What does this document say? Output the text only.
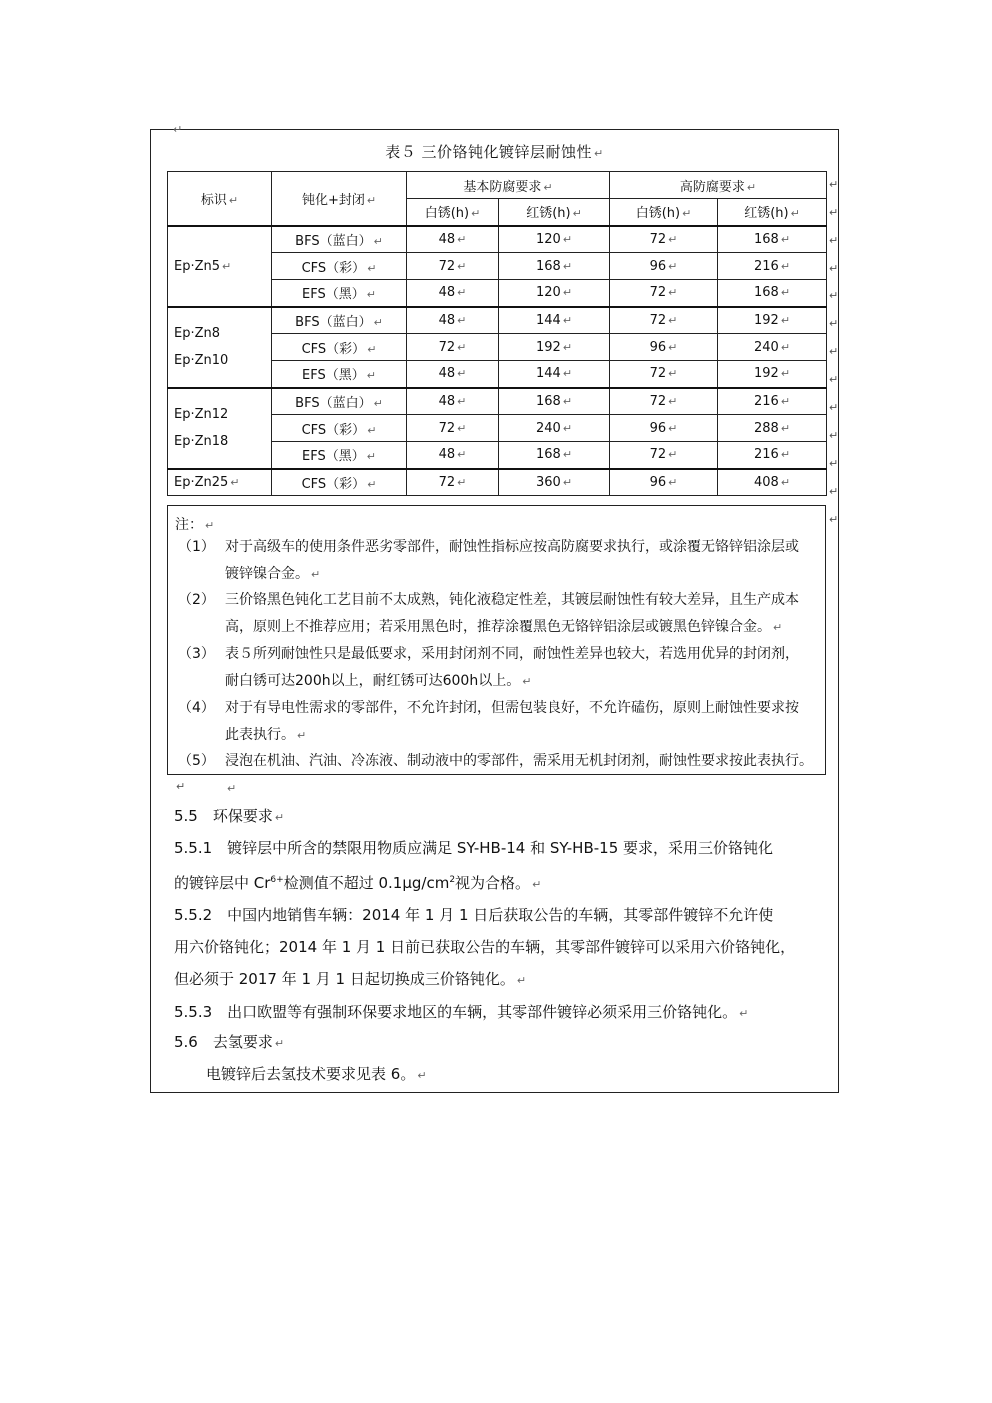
↵
表５ 三价铬钝化镀锌层耐蚀性 ↵
标识 ↵	钝化+封闭 ↵	基本防腐要求 ↵		高防腐要求 ↵	
		白锈(h) ↵	红锈(h) ↵	白锈(h) ↵	红锈(h) ↵
Ep·Zn5 ↵	BFS（蓝白） ↵	48 ↵	120 ↵	72 ↵	168 ↵
	CFS（彩） ↵	72 ↵	168 ↵	96 ↵	216 ↵
	EFS（黑） ↵	48 ↵	120 ↵	72 ↵	168 ↵
Ep·Zn8
Ep·Zn10	BFS（蓝白） ↵	48 ↵	144 ↵	72 ↵	192 ↵
	CFS（彩） ↵	72 ↵	192 ↵	96 ↵	240 ↵
	EFS（黑） ↵	48 ↵	144 ↵	72 ↵	192 ↵
Ep·Zn12
Ep·Zn18	BFS（蓝白） ↵	48 ↵	168 ↵	72 ↵	216 ↵
	CFS（彩） ↵	72 ↵	240 ↵	96 ↵	288 ↵
	EFS（黑） ↵	48 ↵	168 ↵	72 ↵	216 ↵
Ep·Zn25 ↵	CFS（彩） ↵	72 ↵	360 ↵	96 ↵	408 ↵
↵
↵
↵
↵
↵
↵
↵
↵
↵
↵
↵
↵
↵
注： ↵
（1） 对于高级车的使用条件恶劣零部件，耐蚀性指标应按高防腐要求执行，或涂覆无铬锌铝涂层或
镀锌镍合金。 ↵
（2） 三价铬黑色钝化工艺目前不太成熟，钝化液稳定性差，其镀层耐蚀性有较大差异，且生产成本
高，原则上不推荐应用；若采用黑色时，推荐涂覆黑色无铬锌铝涂层或镀黑色锌镍合金。 ↵
（3） 表５所列耐蚀性只是最低要求，采用封闭剂不同，耐蚀性差异也较大，若选用优异的封闭剂，
耐白锈可达200h以上，耐红锈可达600h以上。 ↵
（4） 对于有导电性需求的零部件，不允许封闭，但需包装良好，不允许磕伤，原则上耐蚀性要求按
此表执行。 ↵
（5） 浸泡在机油、汽油、冷冻液、制动液中的零部件，需采用无机封闭剂，耐蚀性要求按此表执行。↵
↵
5.5　环保要求 ↵
5.5.1　镀锌层中所含的禁限用物质应满足 SY-HB-14 和 SY-HB-15 要求，采用三价铬钝化
的镀锌层中 $Cr^{6+}$检测值不超过 $0.1\mu g/cm^2$视为合格。 ↵
5.5.2　中国内地销售车辆：2014 年 1 月 1 日后获取公告的车辆，其零部件镀锌不允许使
用六价铬钝化；2014 年 1 月 1 日前已获取公告的车辆，其零部件镀锌可以采用六价铬钝化，
但必须于 2017 年 1 月 1 日起切换成三价铬钝化。 ↵
5.5.3　出口欧盟等有强制环保要求地区的车辆，其零部件镀锌必须采用三价铬钝化。 ↵
5.6　去氢要求 ↵
电镀锌后去氢技术要求见表 6。 ↵
